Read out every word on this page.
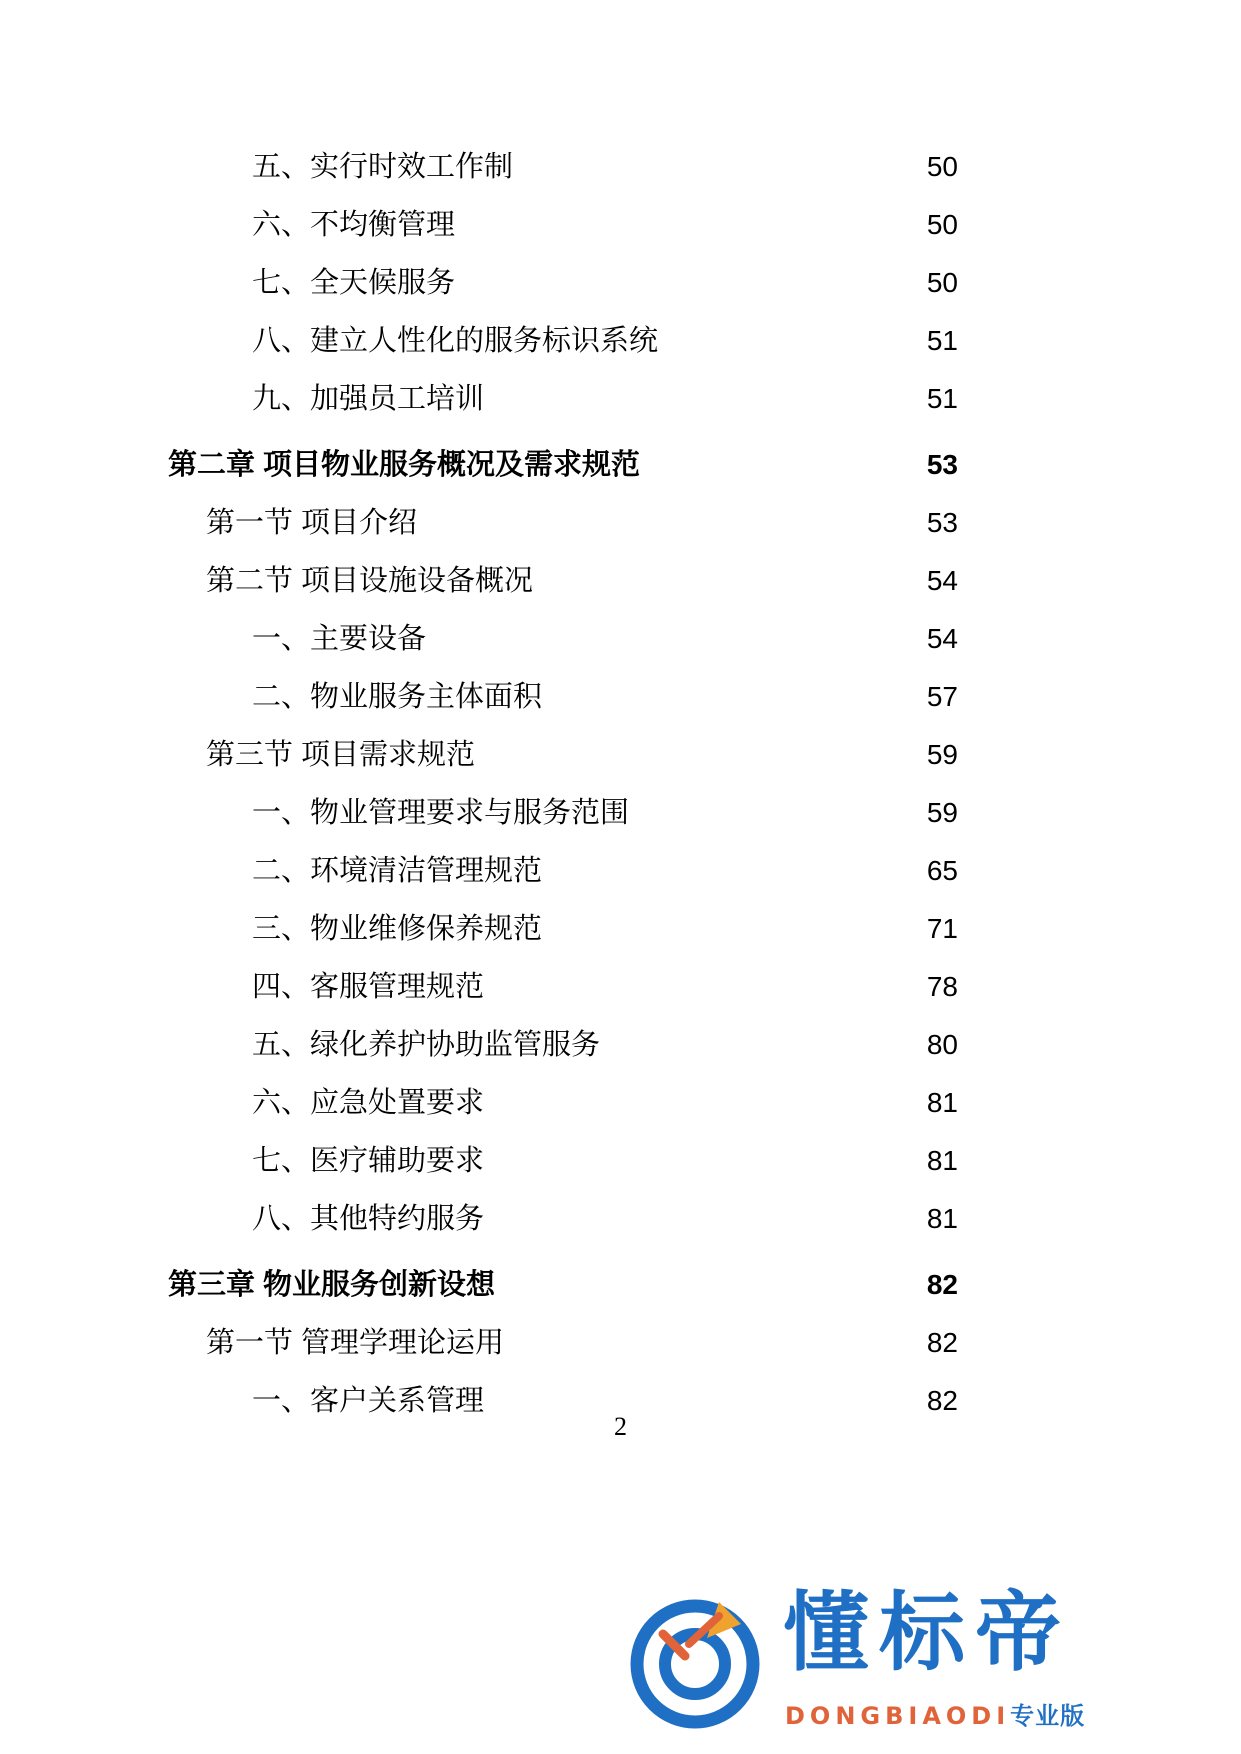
五、实行时效工作制	50
六、不均衡管理	50
七、全天候服务	50
八、建立人性化的服务标识系统	51
九、加强员工培训	51
第二章 项目物业服务概况及需求规范	53
第一节 项目介绍	53
第二节 项目设施设备概况	54
一、主要设备	54
二、物业服务主体面积	57
第三节 项目需求规范	59
一、物业管理要求与服务范围	59
二、环境清洁管理规范	65
三、物业维修保养规范	71
四、客服管理规范	78
五、绿化养护协助监管服务	80
六、应急处置要求	81
七、医疗辅助要求	81
八、其他特约服务	81
第三章 物业服务创新设想	82
第一节 管理学理论运用	82
一、客户关系管理	82
2
懂标帝
DONGBIAODI专业版
